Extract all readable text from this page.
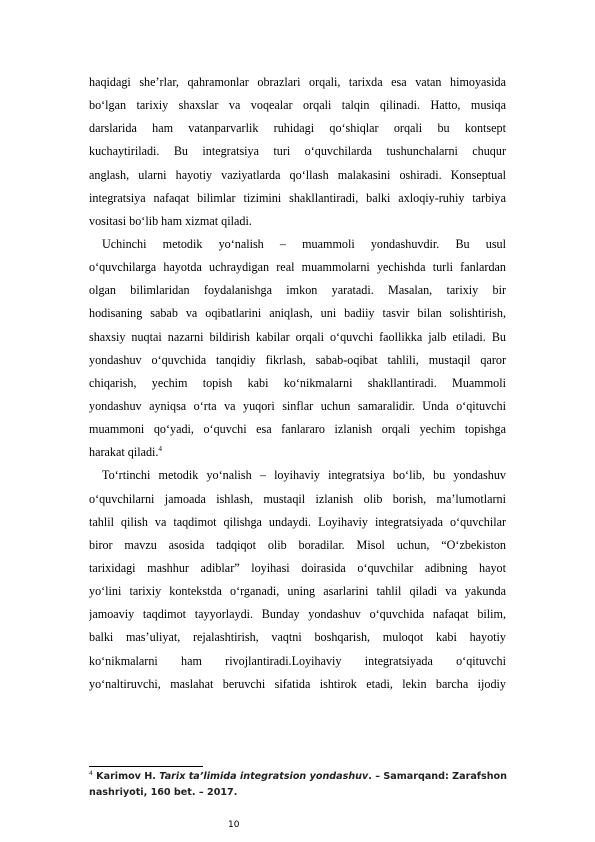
haqidagi she’rlar, qahramonlar obrazlari orqali, tarixda esa vatan himoyasida
bo‘lgan tarixiy shaxslar va voqealar orqali talqin qilinadi. Hatto, musiqa
darslarida ham vatanparvarlik ruhidagi qo‘shiqlar orqali bu kontsept
kuchaytiriladi. Bu integratsiya turi o‘quvchilarda tushunchalarni chuqur
anglash, ularni hayotiy vaziyatlarda qo‘llash malakasini oshiradi. Konseptual
integratsiya nafaqat bilimlar tizimini shakllantiradi, balki axloqiy-ruhiy tarbiya
vositasi bo‘lib ham xizmat qiladi.
Uchinchi metodik yo‘nalish – muammoli yondashuvdir. Bu usul
o‘quvchilarga hayotda uchraydigan real muammolarni yechishda turli fanlardan
olgan bilimlaridan foydalanishga imkon yaratadi. Masalan, tarixiy bir
hodisaning sabab va oqibatlarini aniqlash, uni badiiy tasvir bilan solishtirish,
shaxsiy nuqtai nazarni bildirish kabilar orqali o‘quvchi faollikka jalb etiladi. Bu
yondashuv o‘quvchida tanqidiy fikrlash, sabab-oqibat tahlili, mustaqil qaror
chiqarish, yechim topish kabi ko‘nikmalarni shakllantiradi. Muammoli
yondashuv ayniqsa o‘rta va yuqori sinflar uchun samaralidir. Unda o‘qituvchi
muammoni qo‘yadi, o‘quvchi esa fanlararo izlanish orqali yechim topishga
harakat qiladi.$^4$
To‘rtinchi metodik yo‘nalish – loyihaviy integratsiya bo‘lib, bu yondashuv
o‘quvchilarni jamoada ishlash, mustaqil izlanish olib borish, ma’lumotlarni
tahlil qilish va taqdimot qilishga undaydi. Loyihaviy integratsiyada o‘quvchilar
biror mavzu asosida tadqiqot olib boradilar. Misol uchun, “O‘zbekiston
tarixidagi mashhur adiblar” loyihasi doirasida o‘quvchilar adibning hayot
yo‘lini tarixiy kontekstda o‘rganadi, uning asarlarini tahlil qiladi va yakunda
jamoaviy taqdimot tayyorlaydi. Bunday yondashuv o‘quvchida nafaqat bilim,
balki mas’uliyat, rejalashtirish, vaqtni boshqarish, muloqot kabi hayotiy
ko‘nikmalarni ham rivojlantiradi.Loyihaviy integratsiyada o‘qituvchi
yo‘naltiruvchi, maslahat beruvchi sifatida ishtirok etadi, lekin barcha ijodiy
$^4$ Karimov H. Tarix ta’limida integratsion yondashuv. – Samarqand: Zarafshon
nashriyoti, 160 bet. – 2017.
10
